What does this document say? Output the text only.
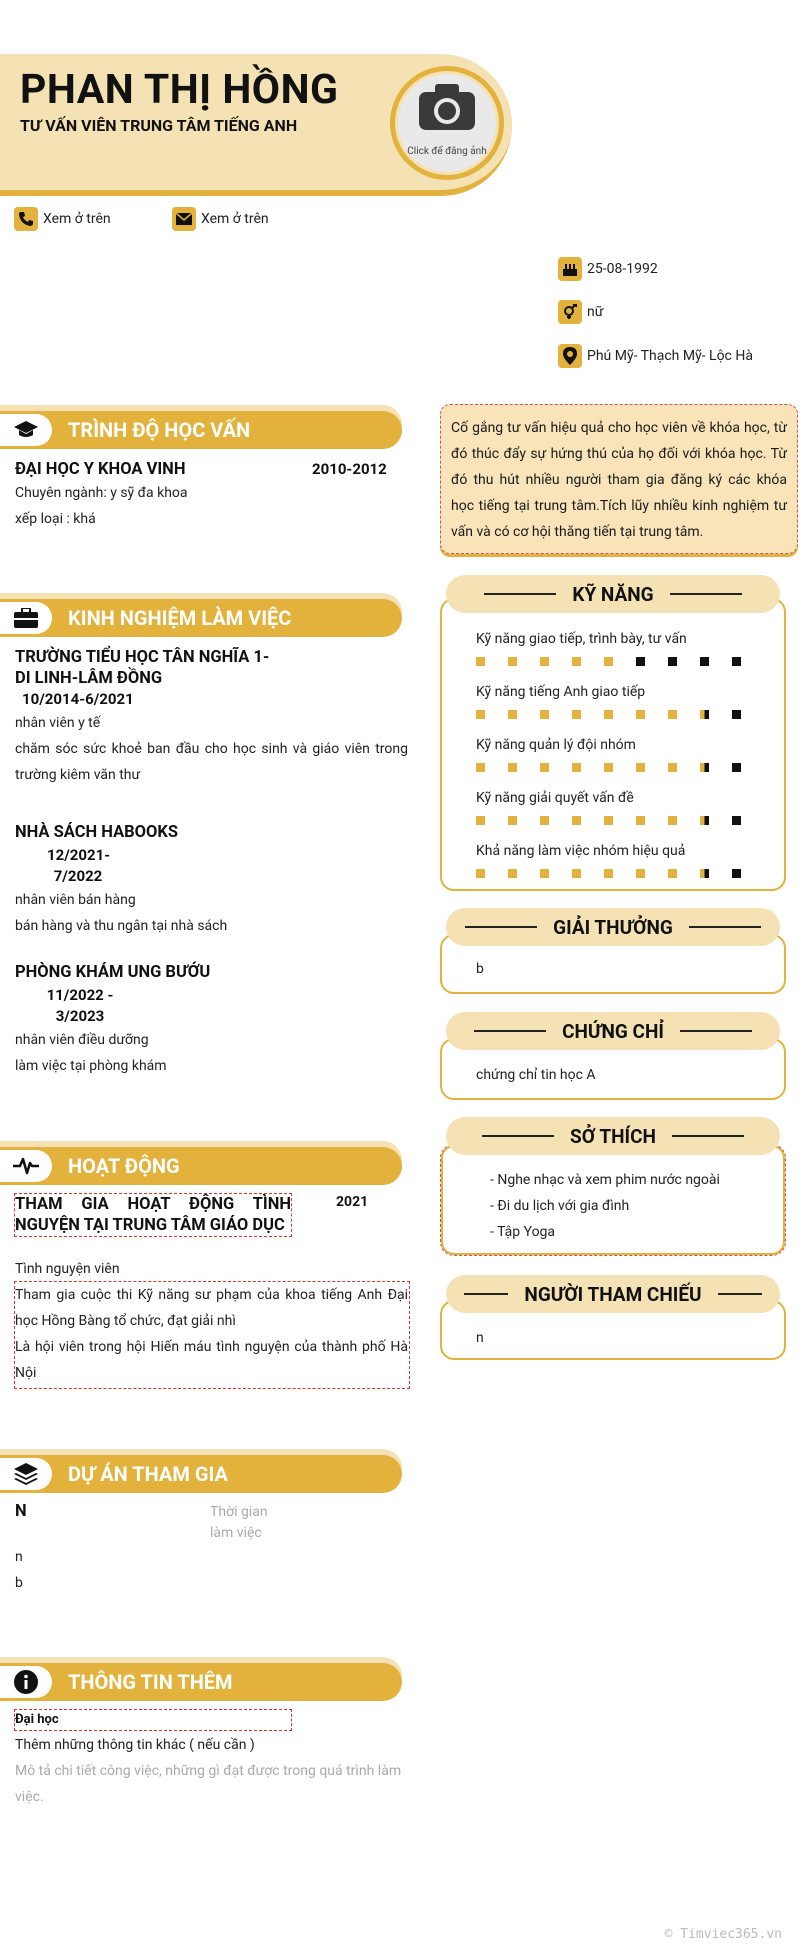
PHAN THỊ HỒNG
TƯ VẤN VIÊN TRUNG TÂM TIẾNG ANH
Click để đăng ảnh
Xem ở trên	Xem ở trên
25-08-1992
nữ
Phú Mỹ- Thạch Mỹ- Lộc Hà
TRÌNH ĐỘ HỌC VẤN
ĐẠI HỌC Y KHOA VINH	2010-2012
Chuyên ngành: y sỹ đa khoa
xếp loại : khá
KINH NGHIỆM LÀM VIỆC
TRƯỜNG TIỂU HỌC TÂN NGHĨA 1-
DI LINH-LÂM ĐỒNG
10/2014-6/2021
nhân viên y tế
chăm sóc sức khoẻ ban đầu cho học sinh và giáo viên trong trường kiêm văn thư
NHÀ SÁCH HABOOKS
12/2021-
7/2022
nhân viên bán hàng
bán hàng và thu ngân tại nhà sách
PHÒNG KHÁM UNG BƯỚU
11/2022 -
3/2023
nhân viên điều dưỡng
làm việc tại phòng khám
HOẠT ĐỘNG
THAM GIA HOẠT ĐỘNG TÌNH NGUYỆN TẠI TRUNG TÂM GIÁO DỤC
2021
Tình nguyện viên
Tham gia cuộc thi Kỹ năng sư phạm của khoa tiếng Anh Đại học Hồng Bàng tổ chức, đạt giải nhì
Là hội viên trong hội Hiến máu tình nguyện của thành phố Hà Nội
DỰ ÁN THAM GIA
N	Thời gian
làm việc
n
b
THÔNG TIN THÊM
Đại học
Thêm những thông tin khác ( nếu cần )
Mô tả chi tiết công việc, những gì đạt được trong quá trình làm việc.
Cố gắng tư vấn hiệu quả cho học viên về khóa học, từ đó thúc đẩy sự hứng thú của họ đối với khóa học. Từ đó thu hút nhiều người tham gia đăng ký các khóa học tiếng tại trung tâm.Tích lũy nhiều kinh nghiệm tư vấn và có cơ hội thăng tiến tại trung tâm.
KỸ NĂNG
Kỹ năng giao tiếp, trình bày, tư vấn
Kỹ năng tiếng Anh giao tiếp
Kỹ năng quản lý đội nhóm
Kỹ năng giải quyết vấn đề
Khả năng làm việc nhóm hiệu quả
GIẢI THƯỞNG
b
CHỨNG CHỈ
chứng chỉ tin học A
SỞ THÍCH
- Nghe nhạc và xem phim nước ngoài
- Đi du lịch với gia đình
- Tập Yoga
NGƯỜI THAM CHIẾU
n
© Timviec365.vn
